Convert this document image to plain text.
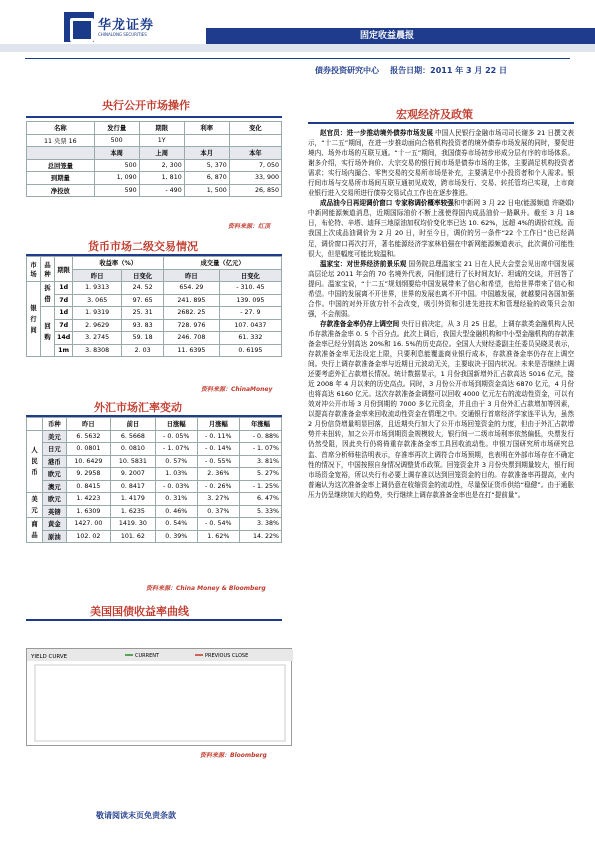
华龙证券
CHINALONG SECURITIES	固定收益晨报
债券投资研究中心    报告日期：2011 年 3 月 22 日
央行公开市场操作
名称	发行量	期限	利率	变化
11 央票 16	500	1Y		
	本周	上周	本月	本年
总回笼量	500	2, 300	5, 370	7, 050
到期量	1, 090	1, 810	6, 870	33, 900
净投放	590	- 490	1, 500	26, 850
资料来源：红顶
货币市场二级交易情况
市场	品种	期限	收益率（%）		成交量（亿元）	
			昨日	日变化	昨日	日变化
银行间	拆借	1d	1. 9313	24. 52	654. 29	- 310. 45
		7d	3. 065	97. 65	241. 895	139. 095
	回购	1d	1. 9319	25. 31	2682. 25	- 27. 9
		7d	2. 9629	93. 83	728. 976	107. 0437
		14d	3. 2745	59. 18	246. 708	61. 332
		1m	3. 8308	2. 03	11. 6395	0. 6195
资料来源：ChinaMoney
外汇市场汇率变动
	币种	昨日	前日	日涨幅	月涨幅	年涨幅
人民币	美元	6. 5632	6. 5668	- 0. 05%	- 0. 11%	- 0. 88%
	日元	0. 0801	0. 0810	- 1. 07%	- 0. 14%	- 1. 07%
	港币	10. 6429	10. 5831	0. 57%	- 0. 55%	3. 81%
	欧元	9. 2958	9. 2007	1. 03%	2. 36%	5. 27%
	澳元	0. 8415	0. 8417	- 0. 03%	- 0. 26%	- 1. 25%
美元	欧元	1. 4223	1. 4179	0. 31%	3. 27%	6. 47%
	英镑	1. 6309	1. 6235	0. 46%	0. 37%	5. 33%
商品	黄金	1427. 00	1419. 30	0. 54%	- 0. 54%	3. 38%
	原油	102. 02	101. 62	0. 39%	1. 62%	14. 22%
资料来源：China Money & Bloomberg
美国国债收益率曲线
YIELD CURVE	CURRENT	PREVIOUS CLOSE
资料来源：Bloomberg
宏观经济及政策

赵官员：进一步推动境外债券市场发展 中国人民银行金融市场司司长谢多 21 日撰文表示，“十二五”期间，在进一步推动面向合格机构投资者的境外债券市场发展的同时，要促进境内、场外市场的互联互通。“十一五”期间，我国债券市场初步形成分层有序的市场体系。谢多介绍，实行场外询价、大宗交易的银行间市场是债券市场的主体，主要满足机构投资者需求；实行场内撮合、零售交易的交易所市场是补充，主要满足中小投资者和个人需求。银行间市场与交易所市场间互联互通初见成效，跨市场发行、交易、转托管均已实现，上市商业银行进入交易所进行债券交易试点工作也在逐步推进。

成品油今日再迎调价窗口 专家称调价概率较强和中新网 3 月 22 日电(能源频道 许晓娟)中新网能源频道消息，近期国际油价不断上涨使得国内成品油价一路飙升。截至 3 月 18 日，布伦特、辛塔、迪拜三地原油加权均价变化率已达 10. 62%，远超 4%的调价红线。而我国上次成品油调价为 2 月 20 日，时至今日，调价的另一条件“22 个工作日”也已经满足，调价窗口再次打开，著名能源经济学家林伯强在中新网能源频道表示，此次调价可能性很大，但是幅度可能比较温和。

温家宝：对世界经济前景乐观 国务院总理温家宝 21 日在人民大会堂会见出席中国发展高层论坛 2011 年会的 70 名境外代表，同他们进行了长时间友好、坦诚的交谈，并回答了提问。温家宝说，“十二五”规划纲要给中国发展带来了信心和希望，也给世界带来了信心和希望。中国的发展离不开世界，世界的发展也离不开中国。中国越发展，就越要同各国加强合作。中国的对外开放方针不会改变，吸引外资和引进先进技术和管理经验的政策只会加强，不会削弱。

存款准备金率仍存上调空间 央行日前决定，从 3 月 25 日起，上调存款类金融机构人民币存款准备金率 0. 5 个百分点。此次上调后，我国大型金融机构和中小型金融机构的存款准备金率已经分别高达 20%和 16. 5%的历史高位。全国人大财经委副主任委员吴晓灵表示，存款准备金率无法设定上限，只要利息能覆盖商业银行成本，存款准备金率仍存在上调空间。央行上调存款准备金率与近期日元波动无关，主要取决于国内状况。未来是否继续上调还要考虑外汇占款增长情况。统计数据显示，1 月份我国新增外汇占款高达 5016 亿元，接近 2008 年 4 月以来的历史高点。同时，3 月份公开市场到期资金高达 6870 亿元，4 月份也将高达 6160 亿元。这次存款准备金调整可以回收 4000 亿元左右的流动性资金，可以有效对冲公开市场 3 月份到期的 7000 多亿元资金，并且由于 3 月份外汇占款增加等因素，以提高存款准备金率来回收流动性资金在情理之中。交通银行首席经济学家连平认为，虽然 2 月份信贷增量明显回落，且近期央行加大了公开市场回笼资金的力度，但由于外汇占款增势并未扭转，加之公开市场到期资金规模较大，银行间一二级市场利率依然偏低，央票发行仍然受阻，因此央行仍将倚重存款准备金率工具回收流动性。申银万国研究所市场研究总监、首席分析师桂浩明表示，存准率再次上调符合市场预期，也表明在外部市场存在不确定性的情况下，中国按照自身情况调整货币政策。回笼资金并 3 月份央票到期量较大，银行间市场资金宽裕，所以央行有必要上调存准以达到回笼资金的目的。存款准备率再提高，业内普遍认为这次准备金率上调仍意在收缩资金的流动性，尽量保证货币供给“稳健”。由于通胀压力仍呈继续加大的趋势，央行继续上调存款准备金率也是在打“提前量”。

敬请阅读末页免责条款
